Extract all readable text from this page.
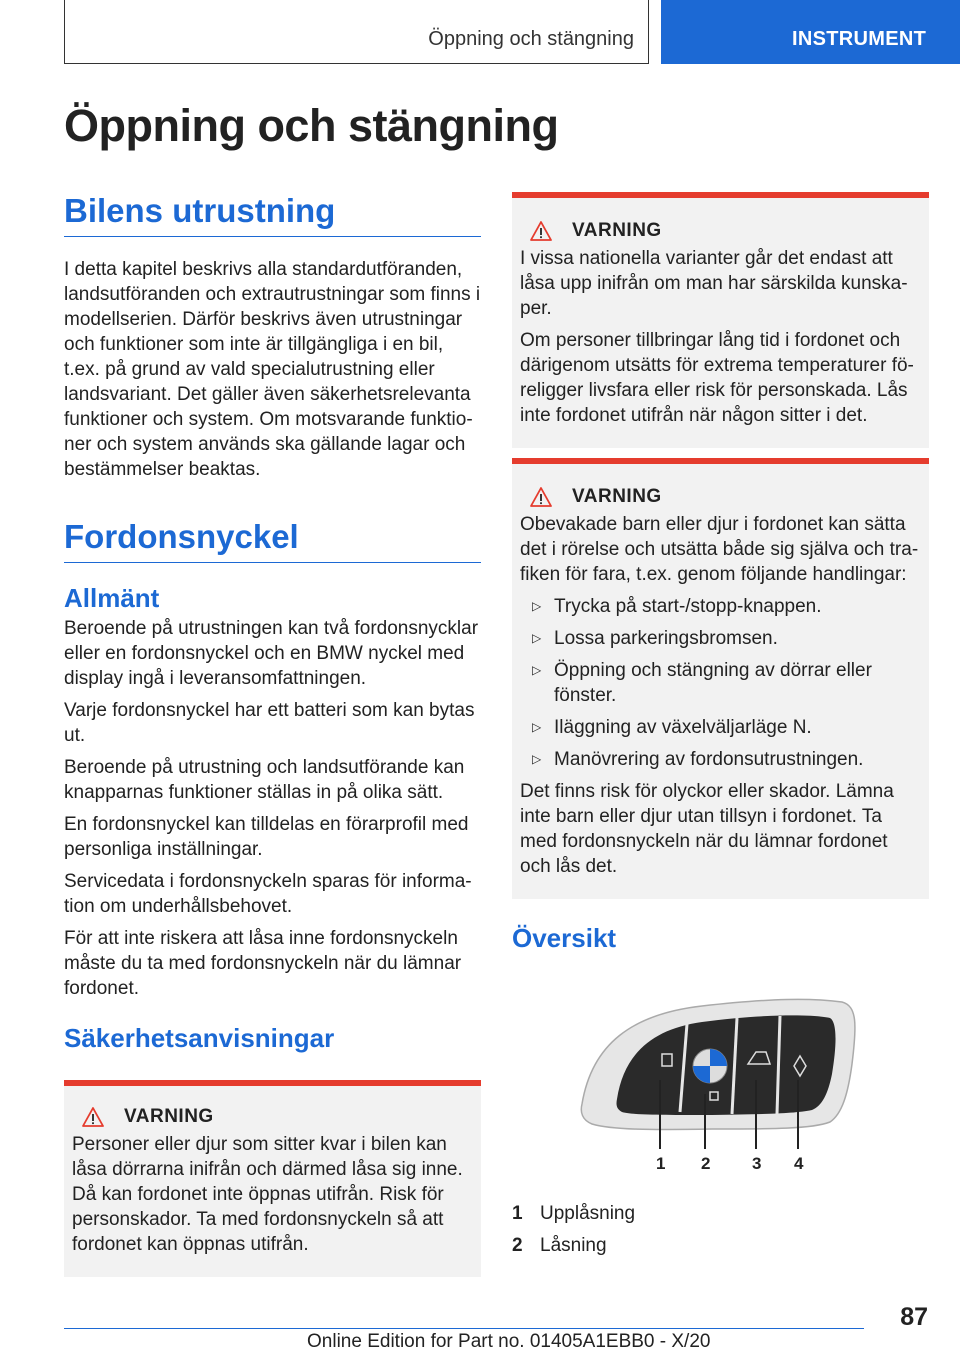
Öppning och stängning	INSTRUMENT
Öppning och stängning
Bilens utrustning

I detta kapitel beskrivs alla standardutföranden, landsutföranden och extrautrustningar som finns i modellserien. Därför beskrivs även utrustningar och funktioner som inte är tillgängliga i en bil, t.ex. på grund av vald specialutrustning eller landsvariant. Det gäller även säkerhetsrelevanta funktioner och system. Om motsvarande funktio-ner och system används ska gällande lagar och bestämmelser beaktas.

Fordonsnyckel
Allmänt

Beroende på utrustningen kan två fordonsnycklar eller en fordonsnyckel och en BMW nyckel med display ingå i leveransomfattningen.

Varje fordonsnyckel har ett batteri som kan bytas ut.

Beroende på utrustning och landsutförande kan knapparnas funktioner ställas in på olika sätt.

En fordonsnyckel kan tilldelas en förarprofil med personliga inställningar.

Servicedata i fordonsnyckeln sparas för informa-tion om underhållsbehovet.

För att inte riskera att låsa inne fordonsnyckeln måste du ta med fordonsnyckeln när du lämnar fordonet.

Säkerhetsanvisningar
VARNING

Personer eller djur som sitter kvar i bilen kan låsa dörrarna inifrån och därmed låsa sig inne. Då kan fordonet inte öppnas utifrån. Risk för personskador. Ta med fordonsnyckeln så att fordonet kan öppnas utifrån.

VARNING

I vissa nationella varianter går det endast att låsa upp inifrån om man har särskilda kunska-per.

Om personer tillbringar lång tid i fordonet och därigenom utsätts för extrema temperaturer fö-religger livsfara eller risk för personskada. Lås inte fordonet utifrån när någon sitter i det.

VARNING

Obevakade barn eller djur i fordonet kan sätta det i rörelse och utsätta både sig själva och tra-fiken för fara, t.ex. genom följande handlingar:

▷ Trycka på start-/stopp-knappen.
▷ Lossa parkeringsbromsen.
▷ Öppning och stängning av dörrar eller fönster.
▷ Iläggning av växelväljarläge N.
▷ Manövrering av fordonsutrustningen.

Det finns risk för olyckor eller skador. Lämna inte barn eller djur utan tillsyn i fordonet. Ta med fordonsnyckeln när du lämnar fordonet och lås det.

Översikt
1 2 3 4
1 Upplåsning
2 Låsning
87
Online Edition for Part no. 01405A1EBB0 - X/20
